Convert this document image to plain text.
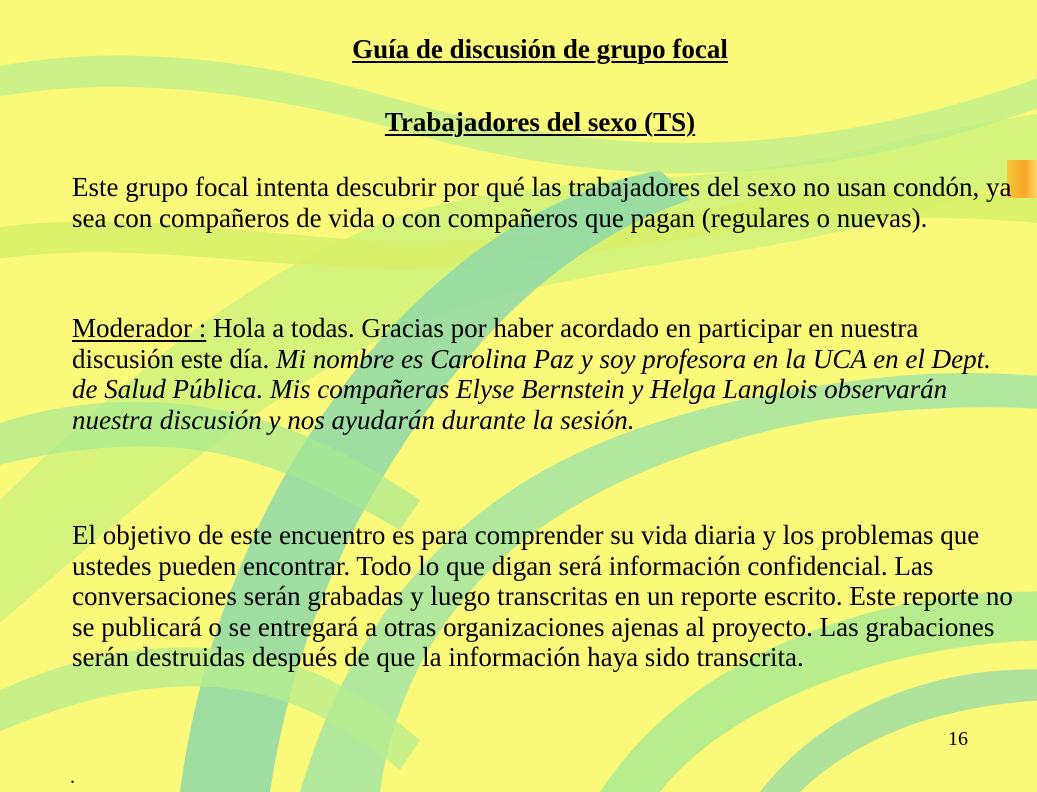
Guía de discusión de grupo focal
Trabajadores del sexo (TS)

Este grupo focal intenta descubrir por qué las trabajadores del sexo no usan condón, ya sea con compañeros de vida o con compañeros que pagan (regulares o nuevas).

Moderador : Hola a todas. Gracias por haber acordado en participar en nuestra discusión este día. Mi nombre es Carolina Paz y soy profesora en la UCA en el Dept. de Salud Pública. Mis compañeras Elyse Bernstein y Helga Langlois observarán nuestra discusión y nos ayudarán durante la sesión.

El objetivo de este encuentro es para comprender su vida diaria y los problemas que ustedes pueden encontrar. Todo lo que digan será información confidencial. Las conversaciones serán grabadas y luego transcritas en un reporte escrito. Este reporte no se publicará o se entregará a otras organizaciones ajenas al proyecto. Las grabaciones serán destruidas después de que la información haya sido transcrita.

16
.
